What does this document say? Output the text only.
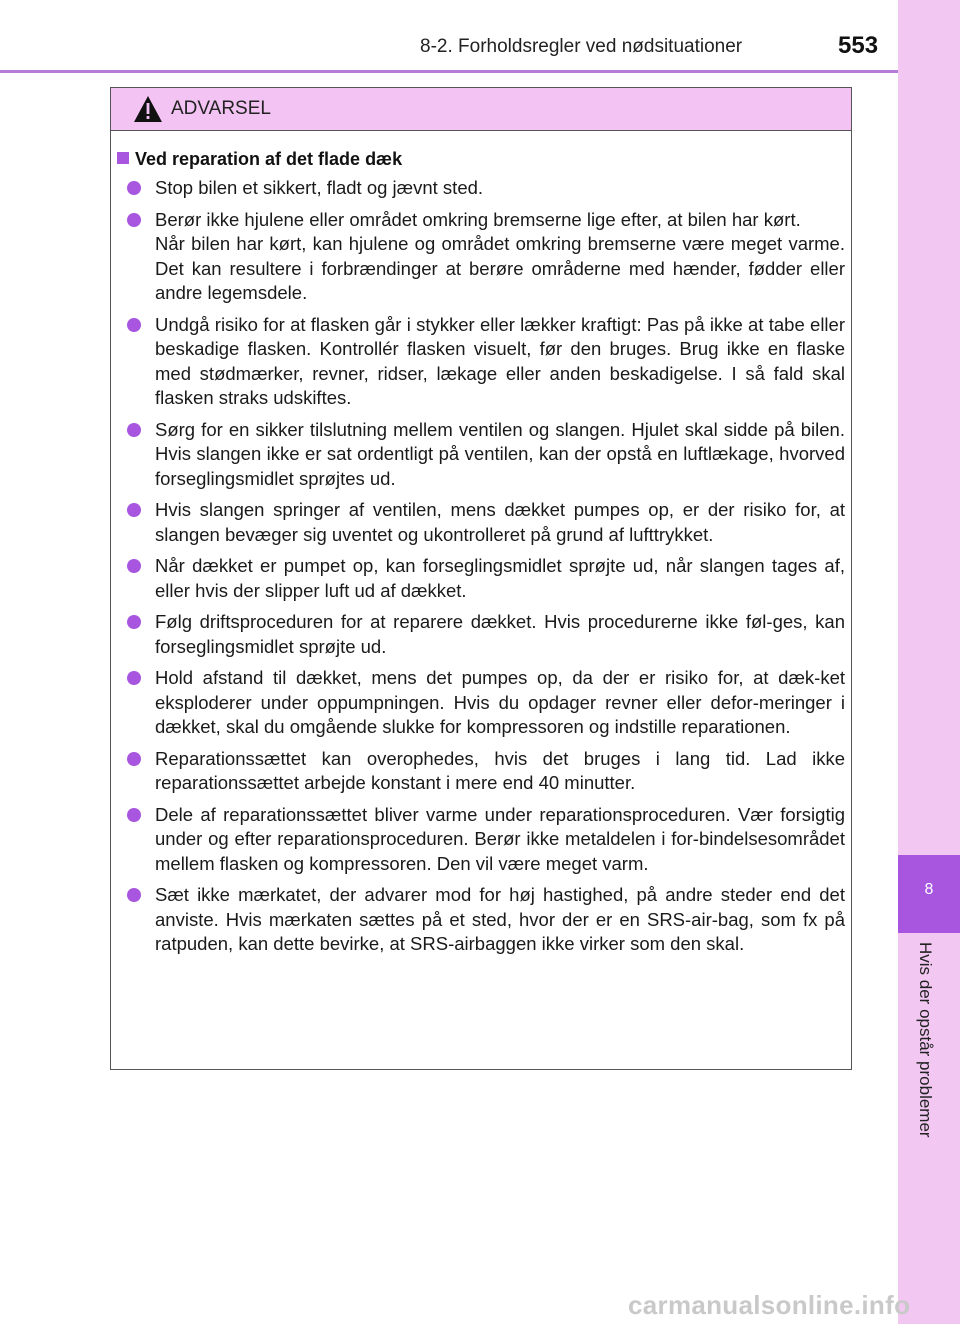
8-2. Forholdsregler ved nødsituationer	553
8
Hvis der opstår problemer
ADVARSEL
Ved reparation af det flade dæk
Stop bilen et sikkert, fladt og jævnt sted.
Berør ikke hjulene eller området omkring bremserne lige efter, at bilen har kørt.
Når bilen har kørt, kan hjulene og området omkring bremserne være meget varme. Det kan resultere i forbrændinger at berøre områderne med hænder, fødder eller andre legemsdele.
Undgå risiko for at flasken går i stykker eller lækker kraftigt: Pas på ikke at tabe eller beskadige flasken. Kontrollér flasken visuelt, før den bruges. Brug ikke en flaske med stødmærker, revner, ridser, lækage eller anden beskadigelse. I så fald skal flasken straks udskiftes.
Sørg for en sikker tilslutning mellem ventilen og slangen. Hjulet skal sidde på bilen. Hvis slangen ikke er sat ordentligt på ventilen, kan der opstå en luftlækage, hvorved forseglingsmidlet sprøjtes ud.
Hvis slangen springer af ventilen, mens dækket pumpes op, er der risiko for, at slangen bevæger sig uventet og ukontrolleret på grund af lufttrykket.
Når dækket er pumpet op, kan forseglingsmidlet sprøjte ud, når slangen tages af, eller hvis der slipper luft ud af dækket.
Følg driftsproceduren for at reparere dækket. Hvis procedurerne ikke føl-ges, kan forseglingsmidlet sprøjte ud.
Hold afstand til dækket, mens det pumpes op, da der er risiko for, at dæk-ket eksploderer under oppumpningen. Hvis du opdager revner eller defor-meringer i dækket, skal du omgående slukke for kompressoren og indstille reparationen.
Reparationssættet kan overophedes, hvis det bruges i lang tid. Lad ikke reparationssættet arbejde konstant i mere end 40 minutter.
Dele af reparationssættet bliver varme under reparationsproceduren. Vær forsigtig under og efter reparationsproceduren. Berør ikke metaldelen i for-bindelsesområdet mellem flasken og kompressoren. Den vil være meget varm.
Sæt ikke mærkatet, der advarer mod for høj hastighed, på andre steder end det anviste. Hvis mærkaten sættes på et sted, hvor der er en SRS-air-bag, som fx på ratpuden, kan dette bevirke, at SRS-airbaggen ikke virker som den skal.
carmanualsonline.info
